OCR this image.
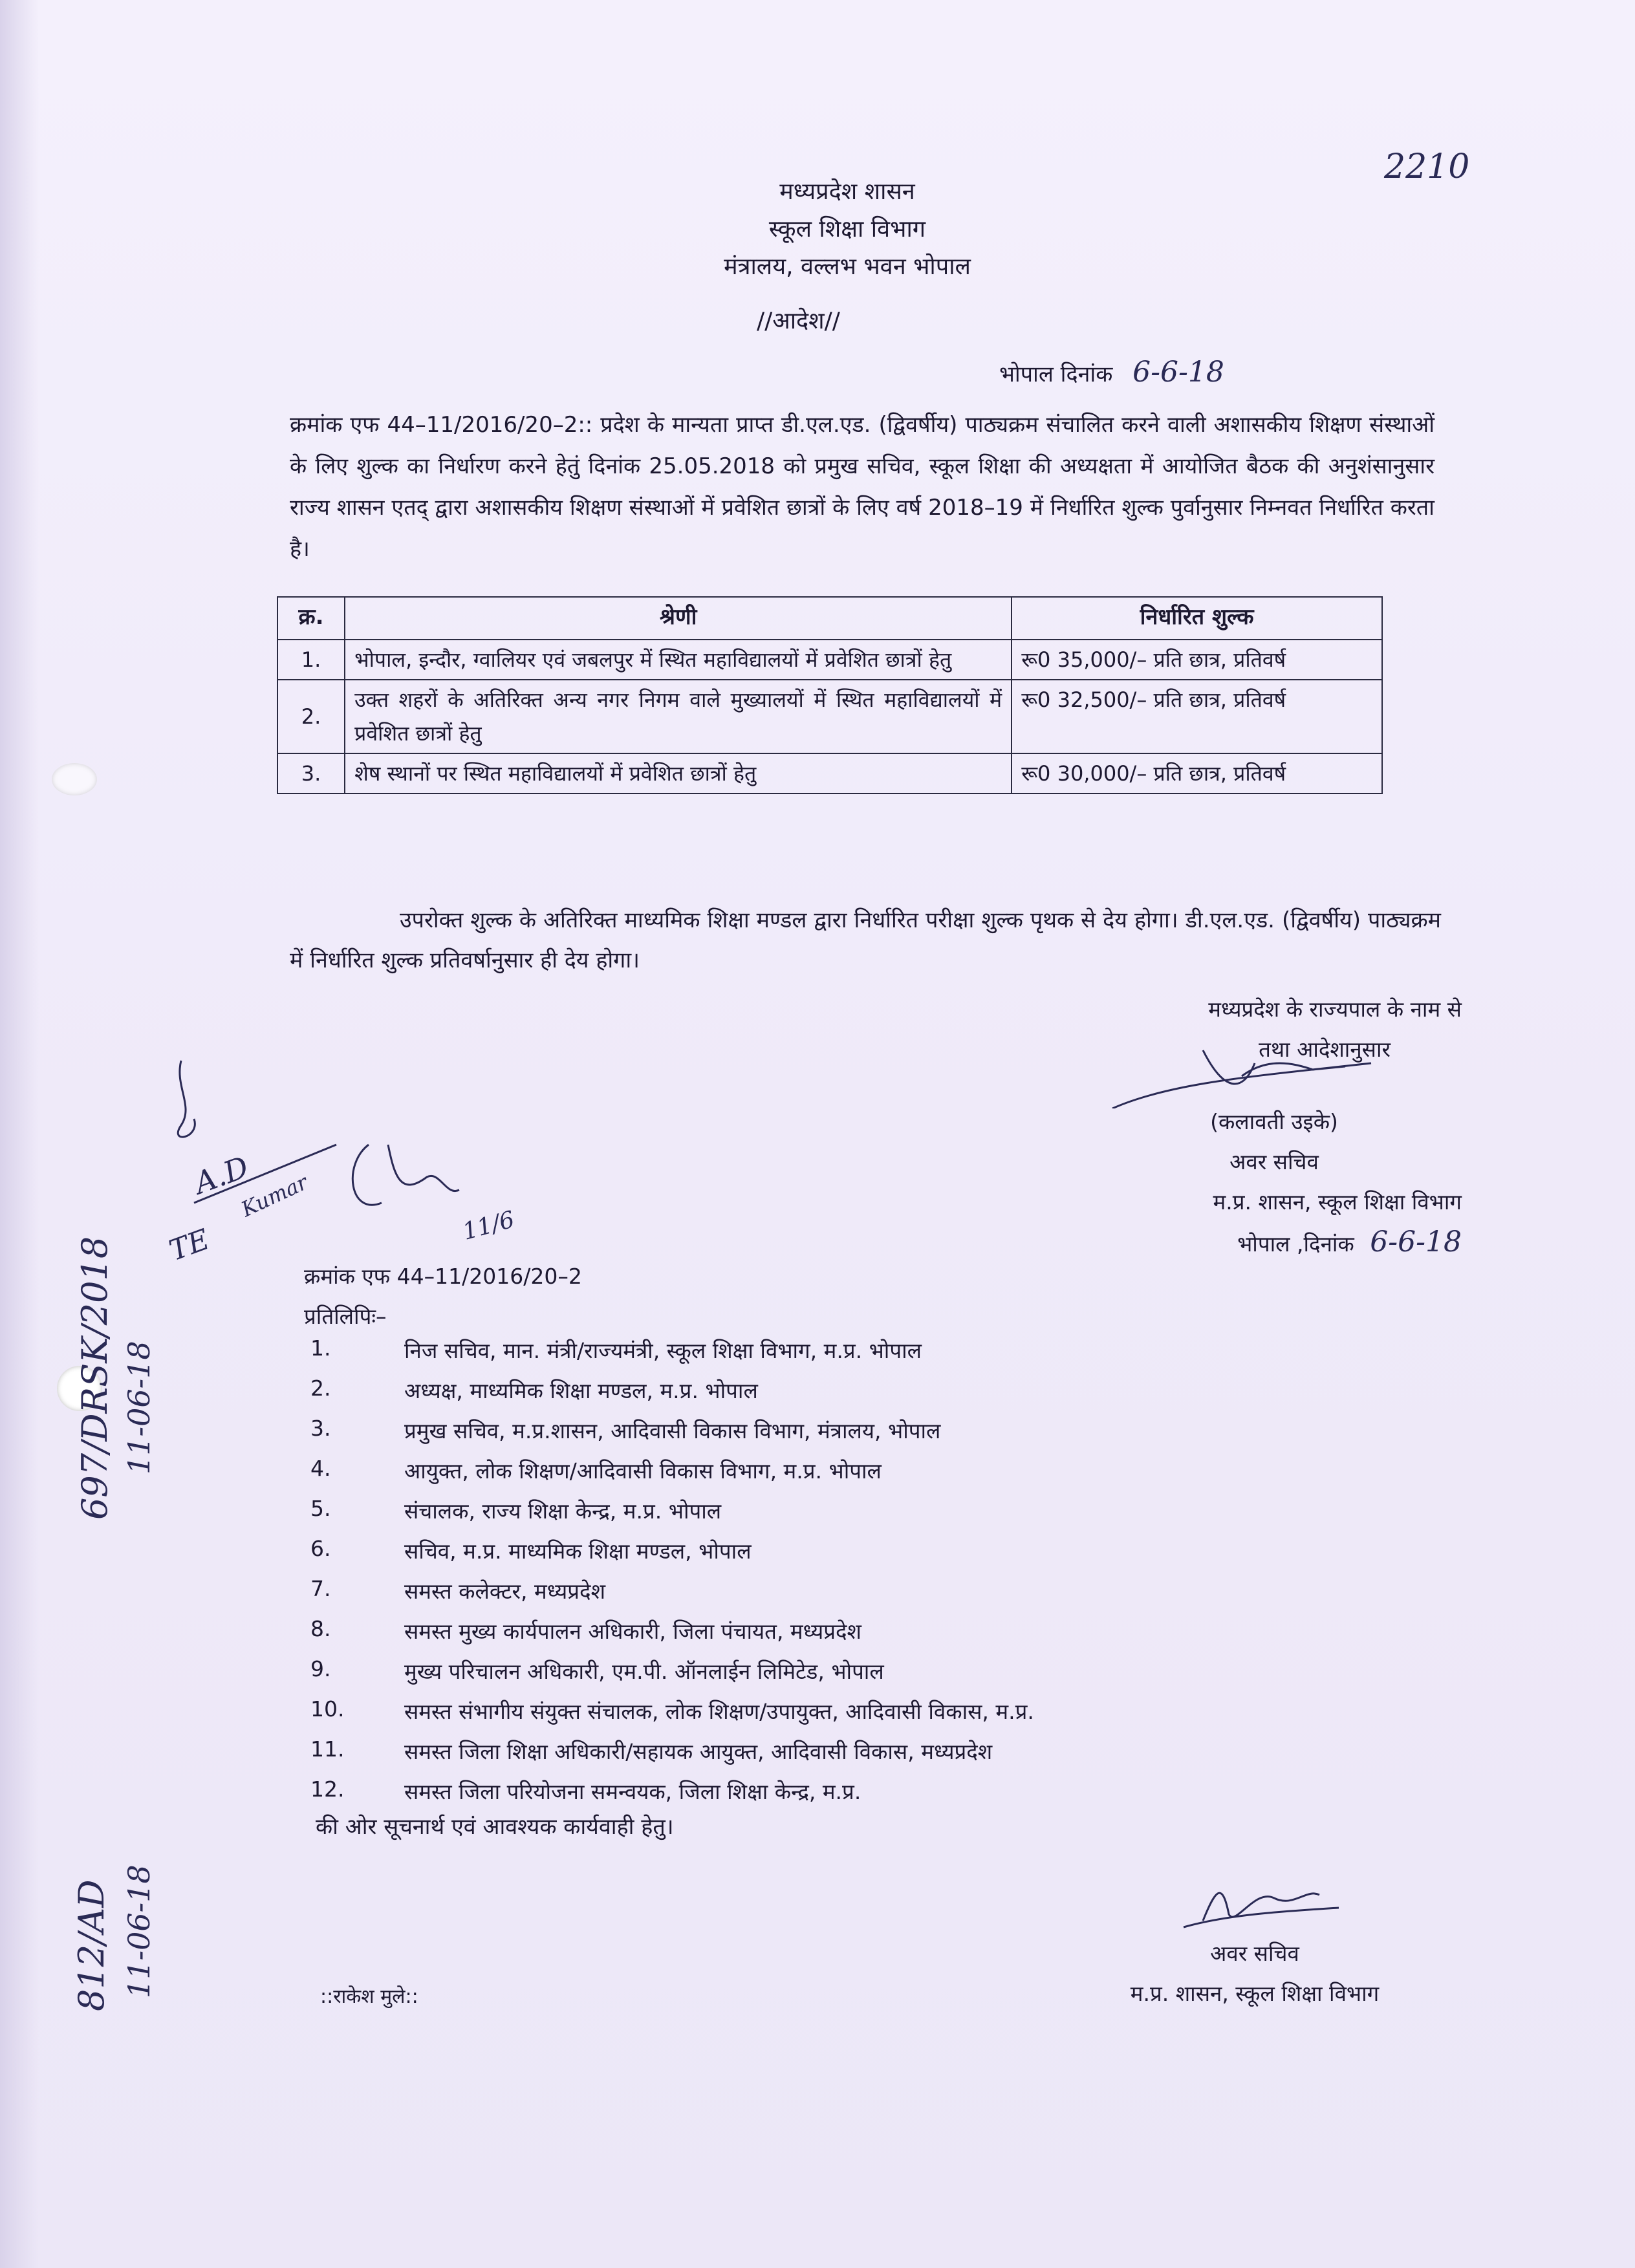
2210
मध्यप्रदेश शासन
स्कूल शिक्षा विभाग
मंत्रालय, वल्लभ भवन भोपाल
//आदेश//
भोपाल दिनांक 6-6-18
क्रमांक एफ 44–11/2016/20–2:: प्रदेश के मान्यता प्राप्त डी.एल.एड. (द्विवर्षीय) पाठ्यक्रम संचालित करने वाली अशासकीय शिक्षण संस्थाओं के लिए शुल्क का निर्धारण करने हेतुं दिनांक 25.05.2018 को प्रमुख सचिव, स्कूल शिक्षा की अध्यक्षता में आयोजित बैठक की अनुशंसानुसार राज्य शासन एतद् द्वारा अशासकीय शिक्षण संस्थाओं में प्रवेशित छात्रों के लिए वर्ष 2018–19 में निर्धारित शुल्क पुर्वानुसार निम्नवत निर्धारित करता है।
क्र.	श्रेणी	निर्धारित शुल्क
1.	भोपाल, इन्दौर, ग्वालियर एवं जबलपुर में स्थित महाविद्यालयों में प्रवेशित छात्रों हेतु	रू0 35,000/– प्रति छात्र, प्रतिवर्ष
2.	उक्त शहरों के अतिरिक्त अन्य नगर निगम वाले मुख्यालयों में स्थित महाविद्यालयों में प्रवेशित छात्रों हेतु	रू0 32,500/– प्रति छात्र, प्रतिवर्ष
3.	शेष स्थानों पर स्थित महाविद्यालयों में प्रवेशित छात्रों हेतु	रू0 30,000/– प्रति छात्र, प्रतिवर्ष
उपरोक्त शुल्क के अतिरिक्त माध्यमिक शिक्षा मण्डल द्वारा निर्धारित परीक्षा शुल्क पृथक से देय होगा। डी.एल.एड. (द्विवर्षीय) पाठ्यक्रम में निर्धारित शुल्क प्रतिवर्षानुसार ही देय होगा।
मध्यप्रदेश के राज्यपाल के नाम से
तथा आदेशानुसार
(कलावती उइके)
अवर सचिव
म.प्र. शासन, स्कूल शिक्षा विभाग
भोपाल ,दिनांक 6-6-18
A.D
TE
Kumar
11/6
697/DRSK/2018 11-06-18
812/AD 11-06-18
क्रमांक एफ 44–11/2016/20–2
प्रतिलिपिः–
1.	निज सचिव, मान. मंत्री/राज्यमंत्री, स्कूल शिक्षा विभाग, म.प्र. भोपाल
2.	अध्यक्ष, माध्यमिक शिक्षा मण्डल, म.प्र. भोपाल
3.	प्रमुख सचिव, म.प्र.शासन, आदिवासी विकास विभाग, मंत्रालय, भोपाल
4.	आयुक्त, लोक शिक्षण/आदिवासी विकास विभाग, म.प्र. भोपाल
5.	संचालक, राज्य शिक्षा केन्द्र, म.प्र. भोपाल
6.	सचिव, म.प्र. माध्यमिक शिक्षा मण्डल, भोपाल
7.	समस्त कलेक्टर, मध्यप्रदेश
8.	समस्त मुख्य कार्यपालन अधिकारी, जिला पंचायत, मध्यप्रदेश
9.	मुख्य परिचालन अधिकारी, एम.पी. ऑनलाईन लिमिटेड, भोपाल
10.	समस्त संभागीय संयुक्त संचालक, लोक शिक्षण/उपायुक्त, आदिवासी विकास, म.प्र.
11.	समस्त जिला शिक्षा अधिकारी/सहायक आयुक्त, आदिवासी विकास, मध्यप्रदेश
12.	समस्त जिला परियोजना समन्वयक, जिला शिक्षा केन्द्र, म.प्र.
की ओर सूचनार्थ एवं आवश्यक कार्यवाही हेतु।
अवर सचिव
म.प्र. शासन, स्कूल शिक्षा विभाग
::राकेश मुले::
